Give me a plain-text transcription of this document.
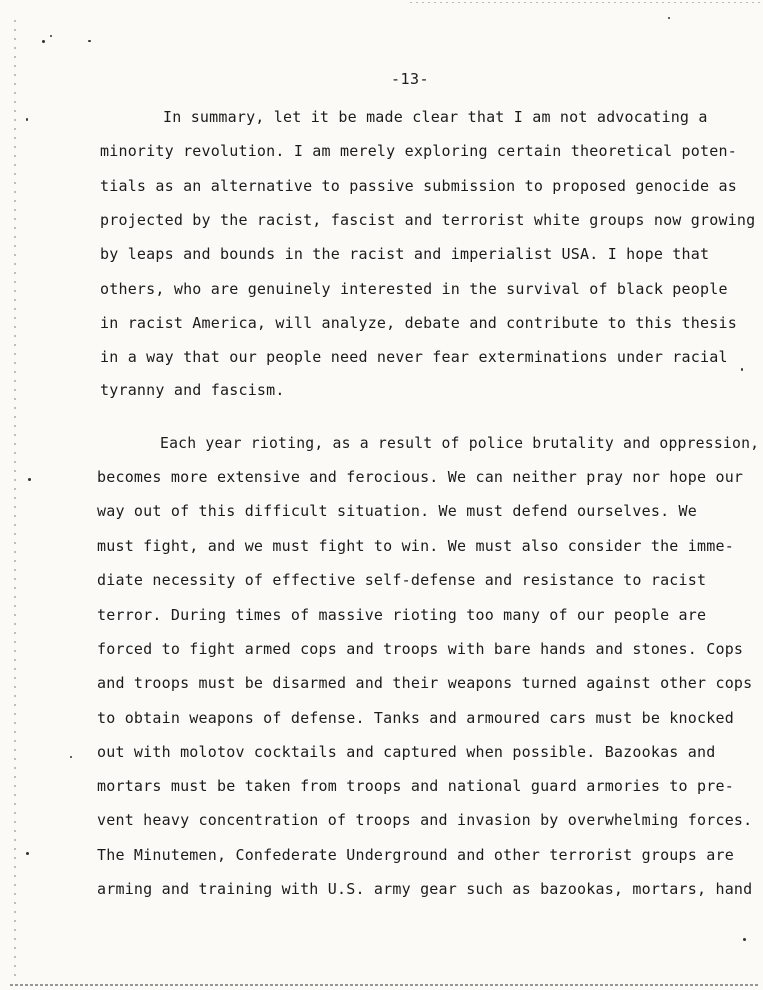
-13-
In summary, let it be made clear that I am not advocating a
minority revolution. I am merely exploring certain theoretical poten-
tials as an alternative to passive submission to proposed genocide as
projected by the racist, fascist and terrorist white groups now growing
by leaps and bounds in the racist and imperialist USA. I hope that
others, who are genuinely interested in the survival of black people
in racist America, will analyze, debate and contribute to this thesis
in a way that our people need never fear exterminations under racial
tyranny and fascism.
Each year rioting, as a result of police brutality and oppression,
becomes more extensive and ferocious. We can neither pray nor hope our
way out of this difficult situation. We must defend ourselves. We
must fight, and we must fight to win. We must also consider the imme-
diate necessity of effective self-defense and resistance to racist
terror. During times of massive rioting too many of our people are
forced to fight armed cops and troops with bare hands and stones. Cops
and troops must be disarmed and their weapons turned against other cops
to obtain weapons of defense. Tanks and armoured cars must be knocked
out with molotov cocktails and captured when possible. Bazookas and
mortars must be taken from troops and national guard armories to pre-
vent heavy concentration of troops and invasion by overwhelming forces.
The Minutemen, Confederate Underground and other terrorist groups are
arming and training with U.S. army gear such as bazookas, mortars, hand
